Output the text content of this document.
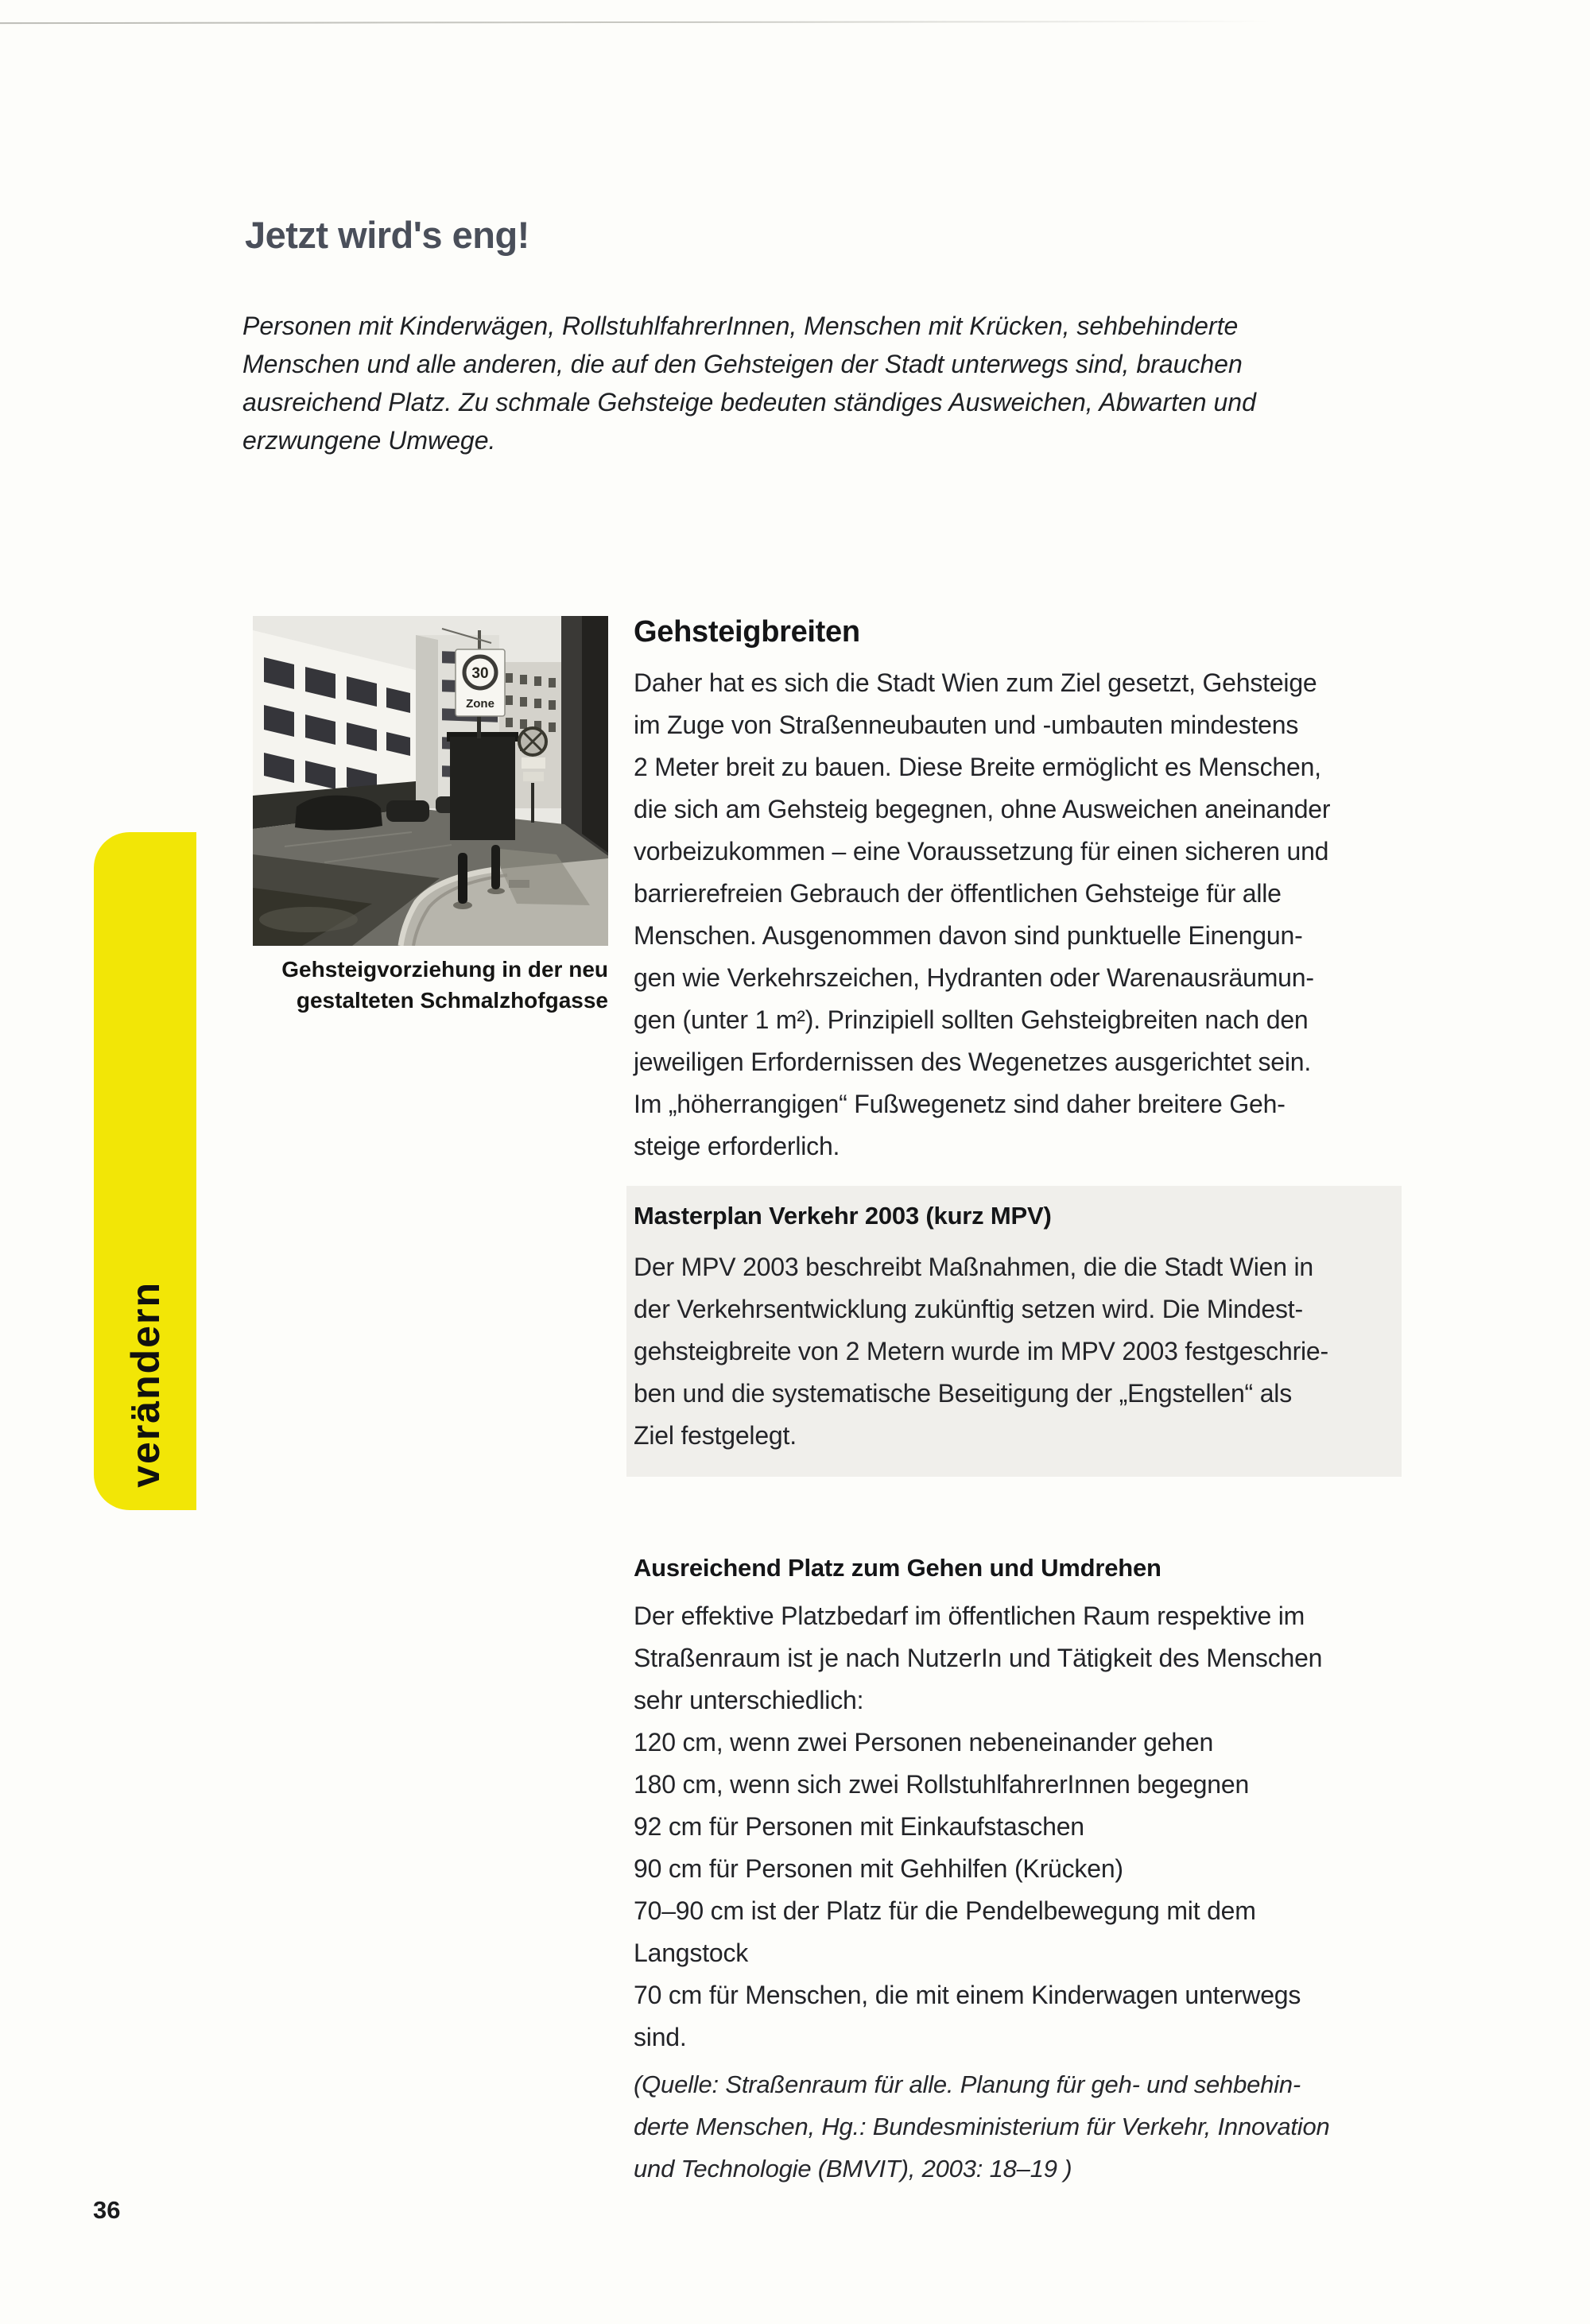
Jetzt wird's eng!
Personen mit Kinderwägen, RollstuhlfahrerInnen, Menschen mit Krücken, sehbehinderte
Menschen und alle anderen, die auf den Gehsteigen der Stadt unterwegs sind, brauchen
ausreichend Platz. Zu schmale Gehsteige bedeuten ständiges Ausweichen, Abwarten und
erzwungene Umwege.
30
Zone
Gehsteigvorziehung in der neu
gestalteten Schmalzhofgasse
Gehsteigbreiten
Daher hat es sich die Stadt Wien zum Ziel gesetzt, Gehsteige
im Zuge von Straßenneubauten und -umbauten mindestens
2 Meter breit zu bauen. Diese Breite ermöglicht es Menschen,
die sich am Gehsteig begegnen, ohne Ausweichen aneinander
vorbeizukommen – eine Voraussetzung für einen sicheren und
barrierefreien Gebrauch der öffentlichen Gehsteige für alle
Menschen. Ausgenommen davon sind punktuelle Einengun-
gen wie Verkehrszeichen, Hydranten oder Warenausräumun-
gen (unter 1 m²). Prinzipiell sollten Gehsteigbreiten nach den
jeweiligen Erfordernissen des Wegenetzes ausgerichtet sein.
Im „höherrangigen“ Fußwegenetz sind daher breitere Geh-
steige erforderlich.
Masterplan Verkehr 2003 (kurz MPV)
Der MPV 2003 beschreibt Maßnahmen, die die Stadt Wien in
der Verkehrsentwicklung zukünftig setzen wird. Die Mindest-
gehsteigbreite von 2 Metern wurde im MPV 2003 festgeschrie-
ben und die systematische Beseitigung der „Engstellen“ als
Ziel festgelegt.
Ausreichend Platz zum Gehen und Umdrehen
Der effektive Platzbedarf im öffentlichen Raum respektive im
Straßenraum ist je nach NutzerIn und Tätigkeit des Menschen
sehr unterschiedlich:
120 cm, wenn zwei Personen nebeneinander gehen
180 cm, wenn sich zwei RollstuhlfahrerInnen begegnen
92 cm für Personen mit Einkaufstaschen
90 cm für Personen mit Gehhilfen (Krücken)
70–90 cm ist der Platz für die Pendelbewegung mit dem
Langstock
70 cm für Menschen, die mit einem Kinderwagen unterwegs
sind.
(Quelle: Straßenraum für alle. Planung für geh- und sehbehin-
derte Menschen, Hg.: Bundesministerium für Verkehr, Innovation
und Technologie (BMVIT), 2003: 18–19 )
verändern
36
